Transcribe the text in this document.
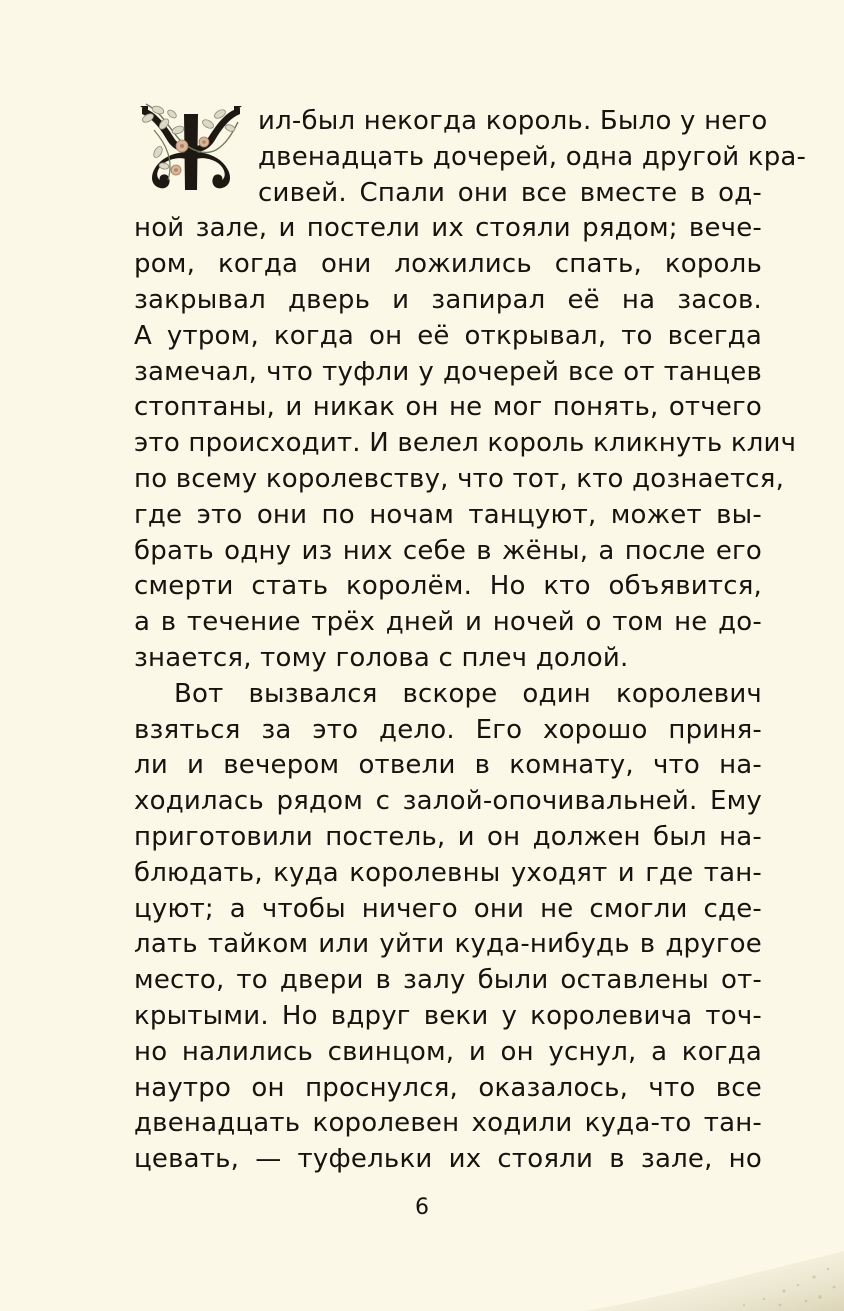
ил-был некогда король. Было у него
двенадцать дочерей, одна другой кра-
сивей. Спали они все вместе в од-
ной зале, и постели их стояли рядом; вече-
ром, когда они ложились спать, король
закрывал дверь и запирал её на засов.
А утром, когда он её открывал, то всегда
замечал, что туфли у дочерей все от танцев
стоптаны, и никак он не мог понять, отчего
это происходит. И велел король кликнуть клич
по всему королевству, что тот, кто дознается,
где это они по ночам танцуют, может вы-
брать одну из них себе в жёны, а после его
смерти стать королём. Но кто объявится,
а в течение трёх дней и ночей о том не до-
знается, тому голова с плеч долой.
Вот вызвался вскоре один королевич
взяться за это дело. Его хорошо приня-
ли и вечером отвели в комнату, что на-
ходилась рядом с залой-опочивальней. Ему
приготовили постель, и он должен был на-
блюдать, куда королевны уходят и где тан-
цуют; а чтобы ничего они не смогли сде-
лать тайком или уйти куда-нибудь в другое
место, то двери в залу были оставлены от-
крытыми. Но вдруг веки у королевича точ-
но налились свинцом, и он уснул, а когда
наутро он проснулся, оказалось, что все
двенадцать королевен ходили куда-то тан-
цевать, — туфельки их стояли в зале, но
6
